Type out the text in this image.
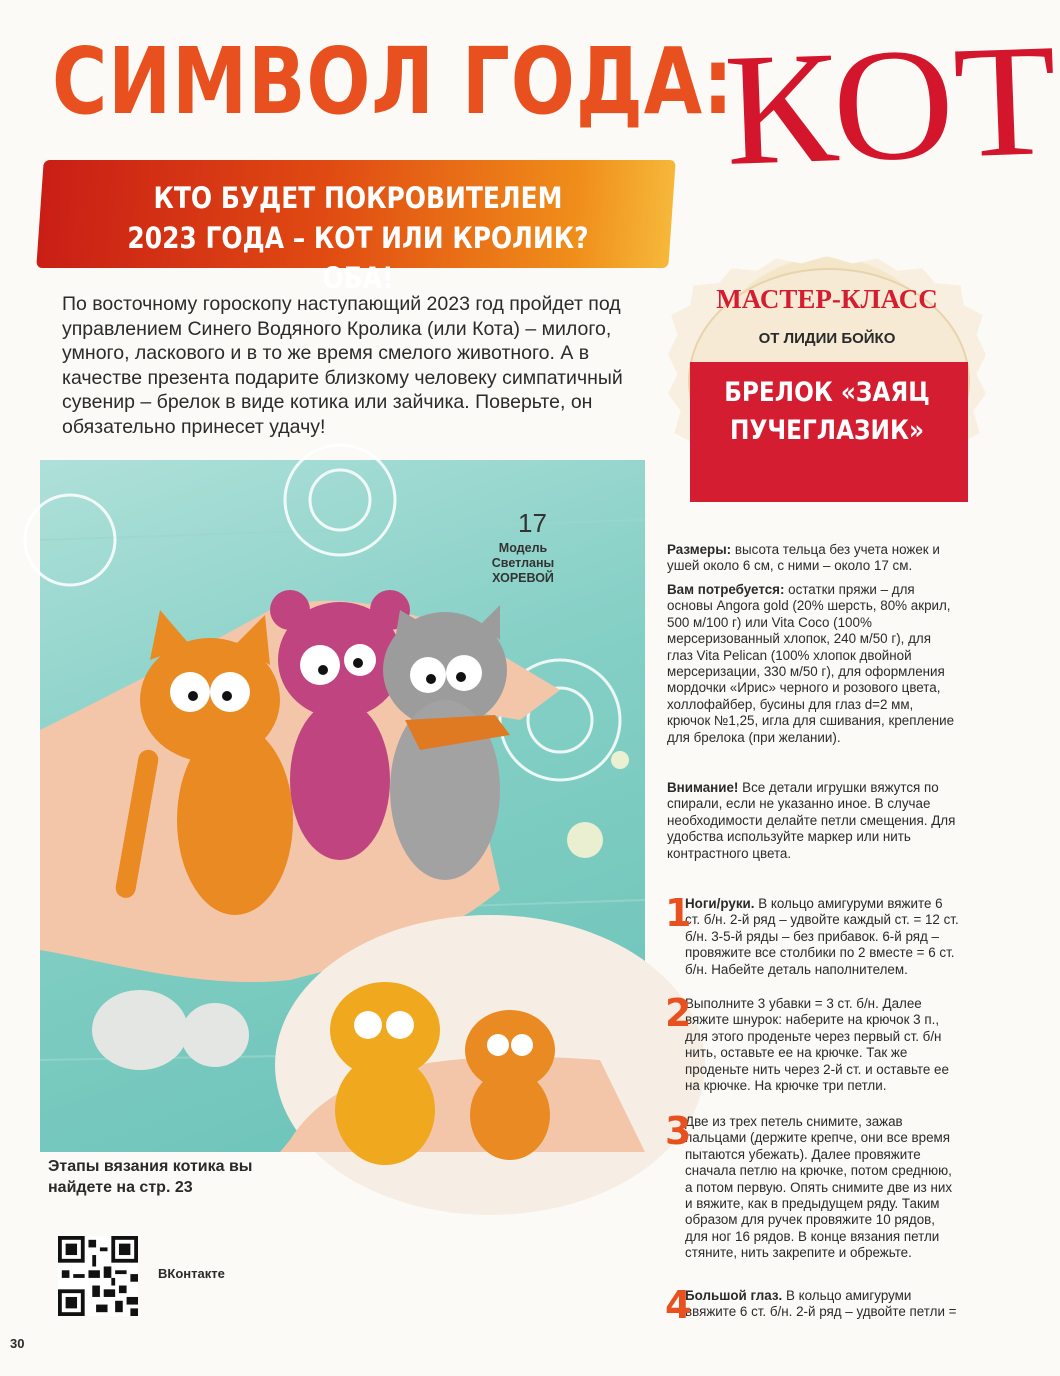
СИМВОЛ ГОДА:
КОТ
КТО БУДЕТ ПОКРОВИТЕЛЕМ 2023 ГОДА – КОТ ИЛИ КРОЛИК? ОБА!
По восточному гороскопу наступающий 2023 год пройдет под управлением Синего Водяного Кролика (или Кота) – милого, умного, ласкового и в то же время смелого животного. А в качестве презента подарите близкому человеку симпатичный сувенир – брелок в виде котика или зайчика. Поверьте, он обязательно принесет удачу!
МАСТЕР-КЛАСС
ОТ ЛИДИИ БОЙКО
БРЕЛОК «ЗАЯЦ ПУЧЕГЛАЗИК»
17
Модель Светланы ХОРЕВОЙ
Этапы вязания котика вы найдете на стр. 23
ВКонтакте
30
Размеры: высота тельца без учета ножек и ушей около 6 см, с ними – около 17 см.
Вам потребуется: остатки пряжи – для основы Angora gold (20% шерсть, 80% акрил, 500 м/100 г) или Vita Coco (100% мерсеризованный хлопок, 240 м/50 г), для глаз Vita Pelican (100% хлопок двойной мерсеризации, 330 м/50 г), для оформления мордочки «Ирис» черного и розового цвета, холлофайбер, бусины для глаз d=2 мм, крючок №1,25, игла для сшивания, крепление для брелока (при желании).
Внимание! Все детали игрушки вяжутся по спирали, если не указанно иное. В случае необходимости делайте петли смещения. Для удобства используйте маркер или нить контрастного цвета.
1
Ноги/руки. В кольцо амигуруми вяжите 6 ст. б/н. 2-й ряд – удвойте каждый ст. = 12 ст. б/н. 3-5-й ряды – без прибавок. 6-й ряд – провяжите все столбики по 2 вместе = 6 ст. б/н. Набейте деталь наполнителем.
2
Выполните 3 убавки = 3 ст. б/н. Далее вяжите шнурок: наберите на крючок 3 п., для этого проденьте через первый ст. б/н нить, оставьте ее на крючке. Так же проденьте нить через 2-й ст. и оставьте ее на крючке. На крючке три петли.
3
Две из трех петель снимите, зажав пальцами (держите крепче, они все время пытаются убежать). Далее провяжите сначала петлю на крючке, потом среднюю, а потом первую. Опять снимите две из них и вяжите, как в предыдущем ряду. Таким образом для ручек провяжите 10 рядов, для ног 16 рядов. В конце вязания петли стяните, нить закрепите и обрежьте.
4
Большой глаз. В кольцо амигуруми ввяжите 6 ст. б/н. 2-й ряд – удвойте петли =
